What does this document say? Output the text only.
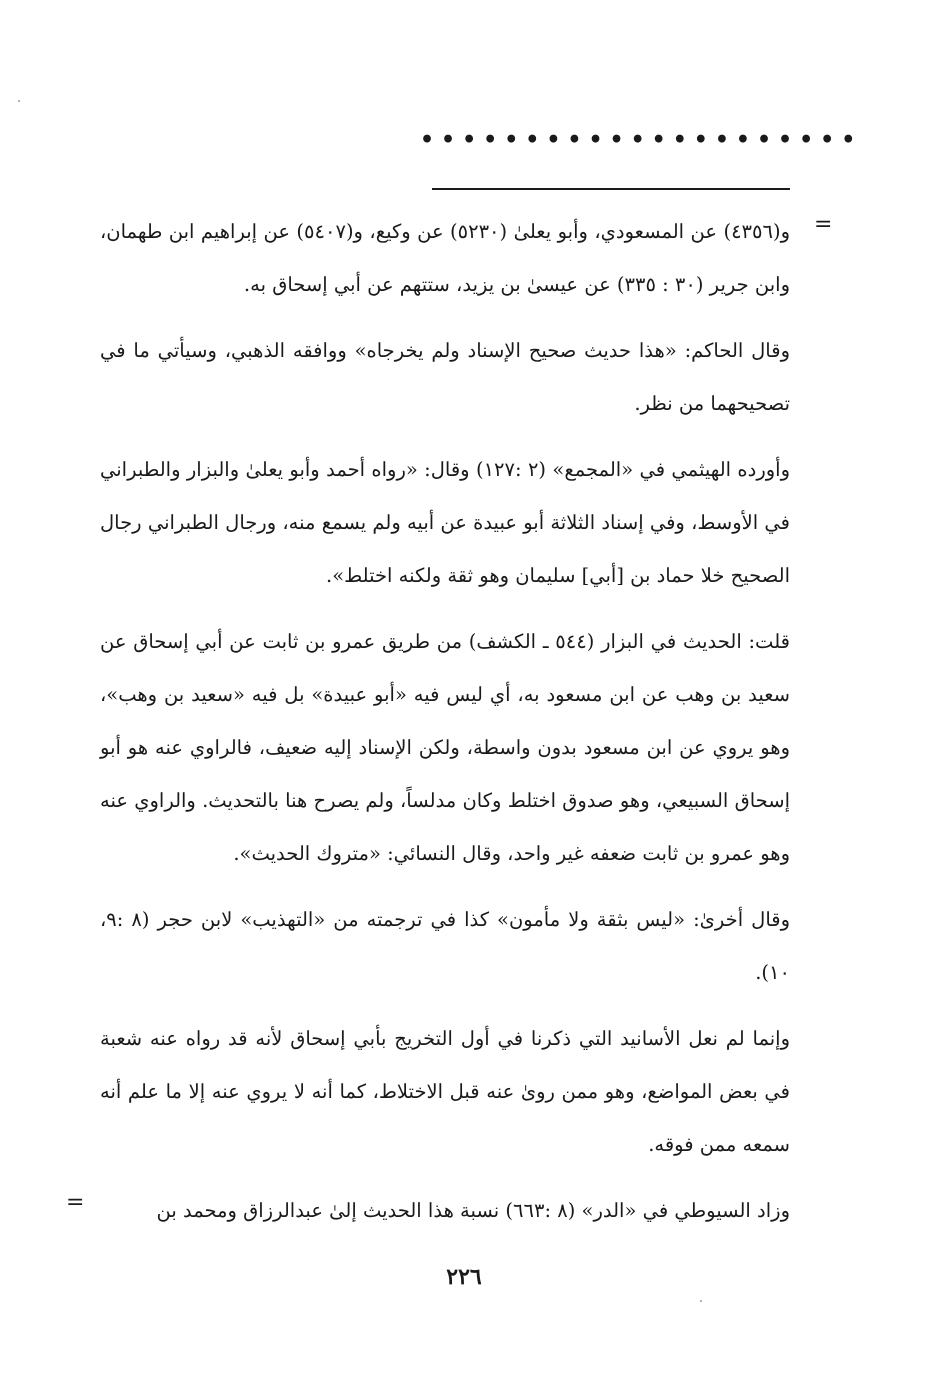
•••••••••••••••••••••
=

و(٤٣٥٦) عن المسعودي، وأبو يعلىٰ (٥٢٣٠) عن وكيع، و(٥٤٠٧) عن إبراهيم ابن طهمان، وابن جرير (٣٠ : ٣٣٥) عن عيسىٰ بن يزيد، ستتهم عن أبي إسحاق به.

وقال الحاكم: «هذا حديث صحيح الإسناد ولم يخرجاه» ووافقه الذهبي، وسيأتي ما في تصحيحهما من نظر.

وأورده الهيثمي في «المجمع» (٢ :١٢٧) وقال: «رواه أحمد وأبو يعلىٰ والبزار والطبراني في الأوسط، وفي إسناد الثلاثة أبو عبيدة عن أبيه ولم يسمع منه، ورجال الطبراني رجال الصحيح خلا حماد بن [أبي] سليمان وهو ثقة ولكنه اختلط».

قلت: الحديث في البزار (٥٤٤ ـ الكشف) من طريق عمرو بن ثابت عن أبي إسحاق عن سعيد بن وهب عن ابن مسعود به، أي ليس فيه «أبو عبيدة» بل فيه «سعيد بن وهب»، وهو يروي عن ابن مسعود بدون واسطة، ولكن الإسناد إليه ضعيف، فالراوي عنه هو أبو إسحاق السبيعي، وهو صدوق اختلط وكان مدلساً، ولم يصرح هنا بالتحديث. والراوي عنه وهو عمرو بن ثابت ضعفه غير واحد، وقال النسائي: «متروك الحديث».

وقال أخرىٰ: «ليس بثقة ولا مأمون» كذا في ترجمته من «التهذيب» لابن حجر (٨ :٩، ١٠).

وإنما لم نعل الأسانيد التي ذكرنا في أول التخريج بأبي إسحاق لأنه قد رواه عنه شعبة في بعض المواضع، وهو ممن روىٰ عنه قبل الاختلاط، كما أنه لا يروي عنه إلا ما علم أنه سمعه ممن فوقه.

وزاد السيوطي في «الدر» (٨ :٦٦٣) نسبة هذا الحديث إلىٰ عبدالرزاق ومحمد بن

=
٢٢٦
